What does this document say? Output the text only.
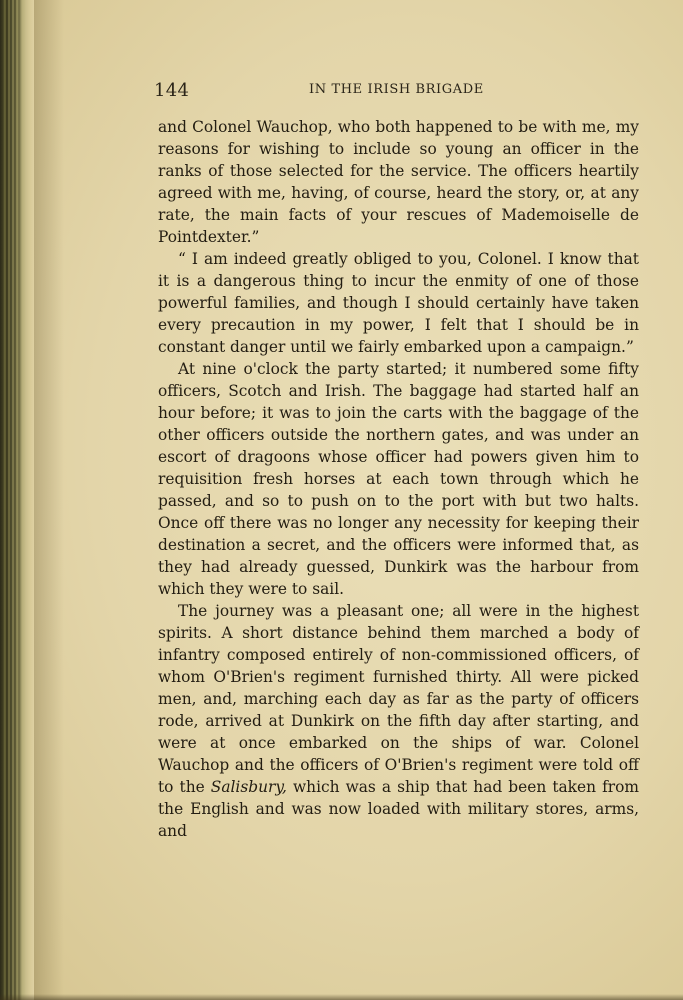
144	IN THE IRISH BRIGADE

and Colonel Wauchop, who both happened to be with me, my reasons for wishing to include so young an officer in the ranks of those selected for the service. The officers heartily agreed with me, having, of course, heard the story, or, at any rate, the main facts of your rescues of Mademoiselle de Pointdexter.”

“ I am indeed greatly obliged to you, Colonel. I know that it is a dangerous thing to incur the enmity of one of those powerful families, and though I should certainly have taken every precaution in my power, I felt that I should be in constant danger until we fairly embarked upon a campaign.”

At nine o'clock the party started; it numbered some fifty officers, Scotch and Irish. The baggage had started half an hour before; it was to join the carts with the baggage of the other officers outside the northern gates, and was under an escort of dragoons whose officer had powers given him to requisition fresh horses at each town through which he passed, and so to push on to the port with but two halts. Once off there was no longer any necessity for keeping their destination a secret, and the officers were informed that, as they had already guessed, Dunkirk was the harbour from which they were to sail.

The journey was a pleasant one; all were in the highest spirits. A short distance behind them marched a body of infantry composed entirely of non-commissioned officers, of whom O'Brien's regiment furnished thirty. All were picked men, and, marching each day as far as the party of officers rode, arrived at Dunkirk on the fifth day after starting, and were at once embarked on the ships of war. Colonel Wauchop and the officers of O'Brien's regiment were told off to the Salisbury, which was a ship that had been taken from the English and was now loaded with military stores, arms, and
